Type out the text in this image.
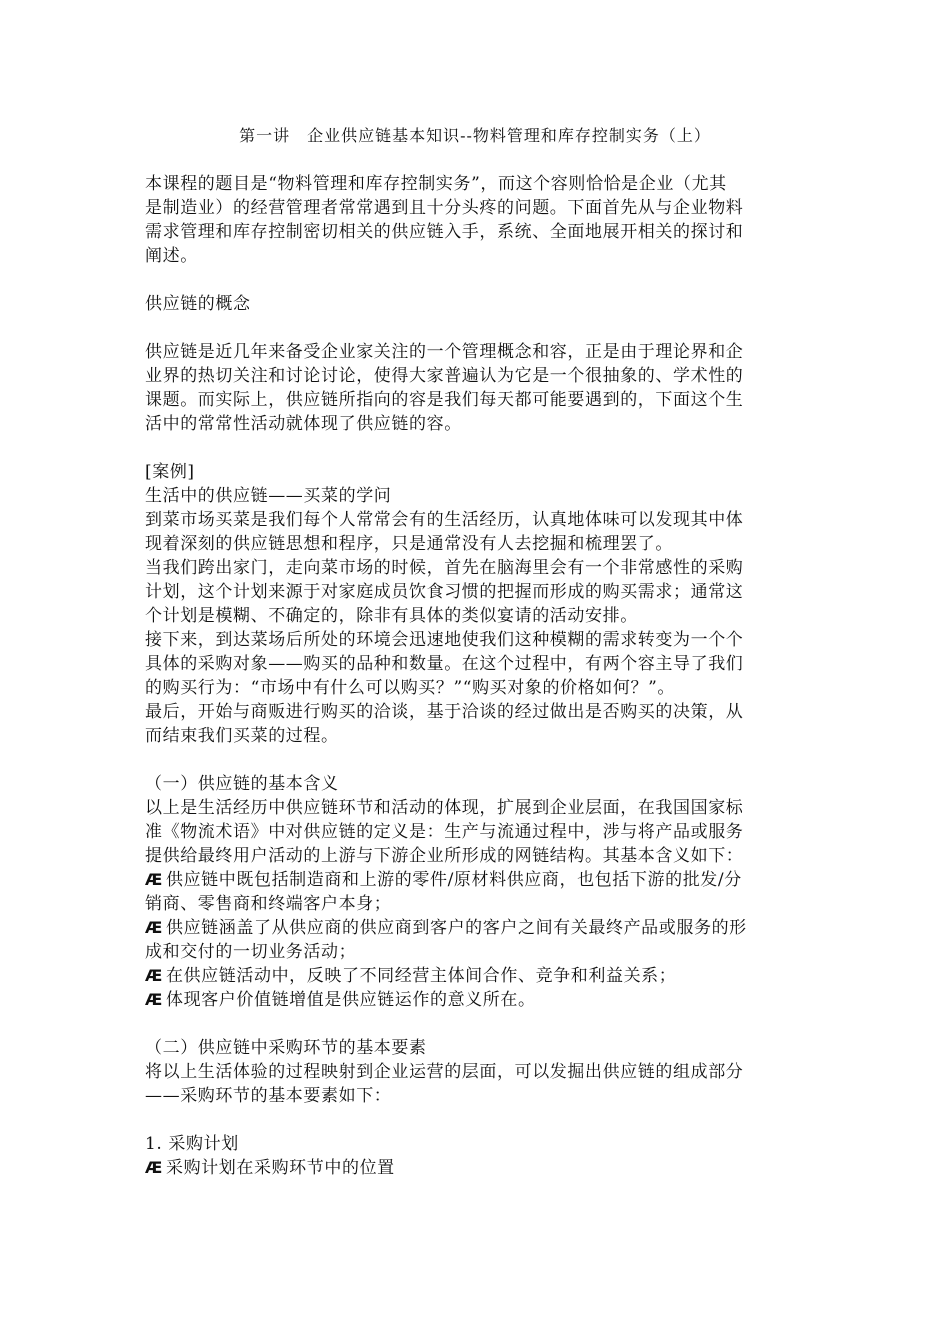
第一讲　企业供应链基本知识--物料管理和库存控制实务（上）
本课程的题目是“物料管理和库存控制实务”，而这个容则恰恰是企业（尤其
是制造业）的经营管理者常常遇到且十分头疼的问题。下面首先从与企业物料
需求管理和库存控制密切相关的供应链入手，系统、全面地展开相关的探讨和
阐述。
供应链的概念
供应链是近几年来备受企业家关注的一个管理概念和容，正是由于理论界和企
业界的热切关注和讨论讨论，使得大家普遍认为它是一个很抽象的、学术性的
课题。而实际上，供应链所指向的容是我们每天都可能要遇到的，下面这个生
活中的常常性活动就体现了供应链的容。
[案例]
生活中的供应链——买菜的学问
到菜市场买菜是我们每个人常常会有的生活经历，认真地体味可以发现其中体
现着深刻的供应链思想和程序，只是通常没有人去挖掘和梳理罢了。
当我们跨出家门，走向菜市场的时候，首先在脑海里会有一个非常感性的采购
计划，这个计划来源于对家庭成员饮食习惯的把握而形成的购买需求；通常这
个计划是模糊、不确定的，除非有具体的类似宴请的活动安排。
接下来，到达菜场后所处的环境会迅速地使我们这种模糊的需求转变为一个个
具体的采购对象——购买的品种和数量。在这个过程中，有两个容主导了我们
的购买行为：“市场中有什么可以购买？”“购买对象的价格如何？”。
最后，开始与商贩进行购买的洽谈，基于洽谈的经过做出是否购买的决策，从
而结束我们买菜的过程。
（一）供应链的基本含义
以上是生活经历中供应链环节和活动的体现，扩展到企业层面，在我国国家标
准《物流术语》中对供应链的定义是：生产与流通过程中，涉与将产品或服务
提供给最终用户活动的上游与下游企业所形成的网链结构。其基本含义如下：
Æ 供应链中既包括制造商和上游的零件/原材料供应商，也包括下游的批发/分
销商、零售商和终端客户本身；
Æ 供应链涵盖了从供应商的供应商到客户的客户之间有关最终产品或服务的形
成和交付的一切业务活动；
Æ 在供应链活动中，反映了不同经营主体间合作、竞争和利益关系；
Æ 体现客户价值链增值是供应链运作的意义所在。
（二）供应链中采购环节的基本要素
将以上生活体验的过程映射到企业运营的层面，可以发掘出供应链的组成部分
——采购环节的基本要素如下：
1. 采购计划
Æ 采购计划在采购环节中的位置
